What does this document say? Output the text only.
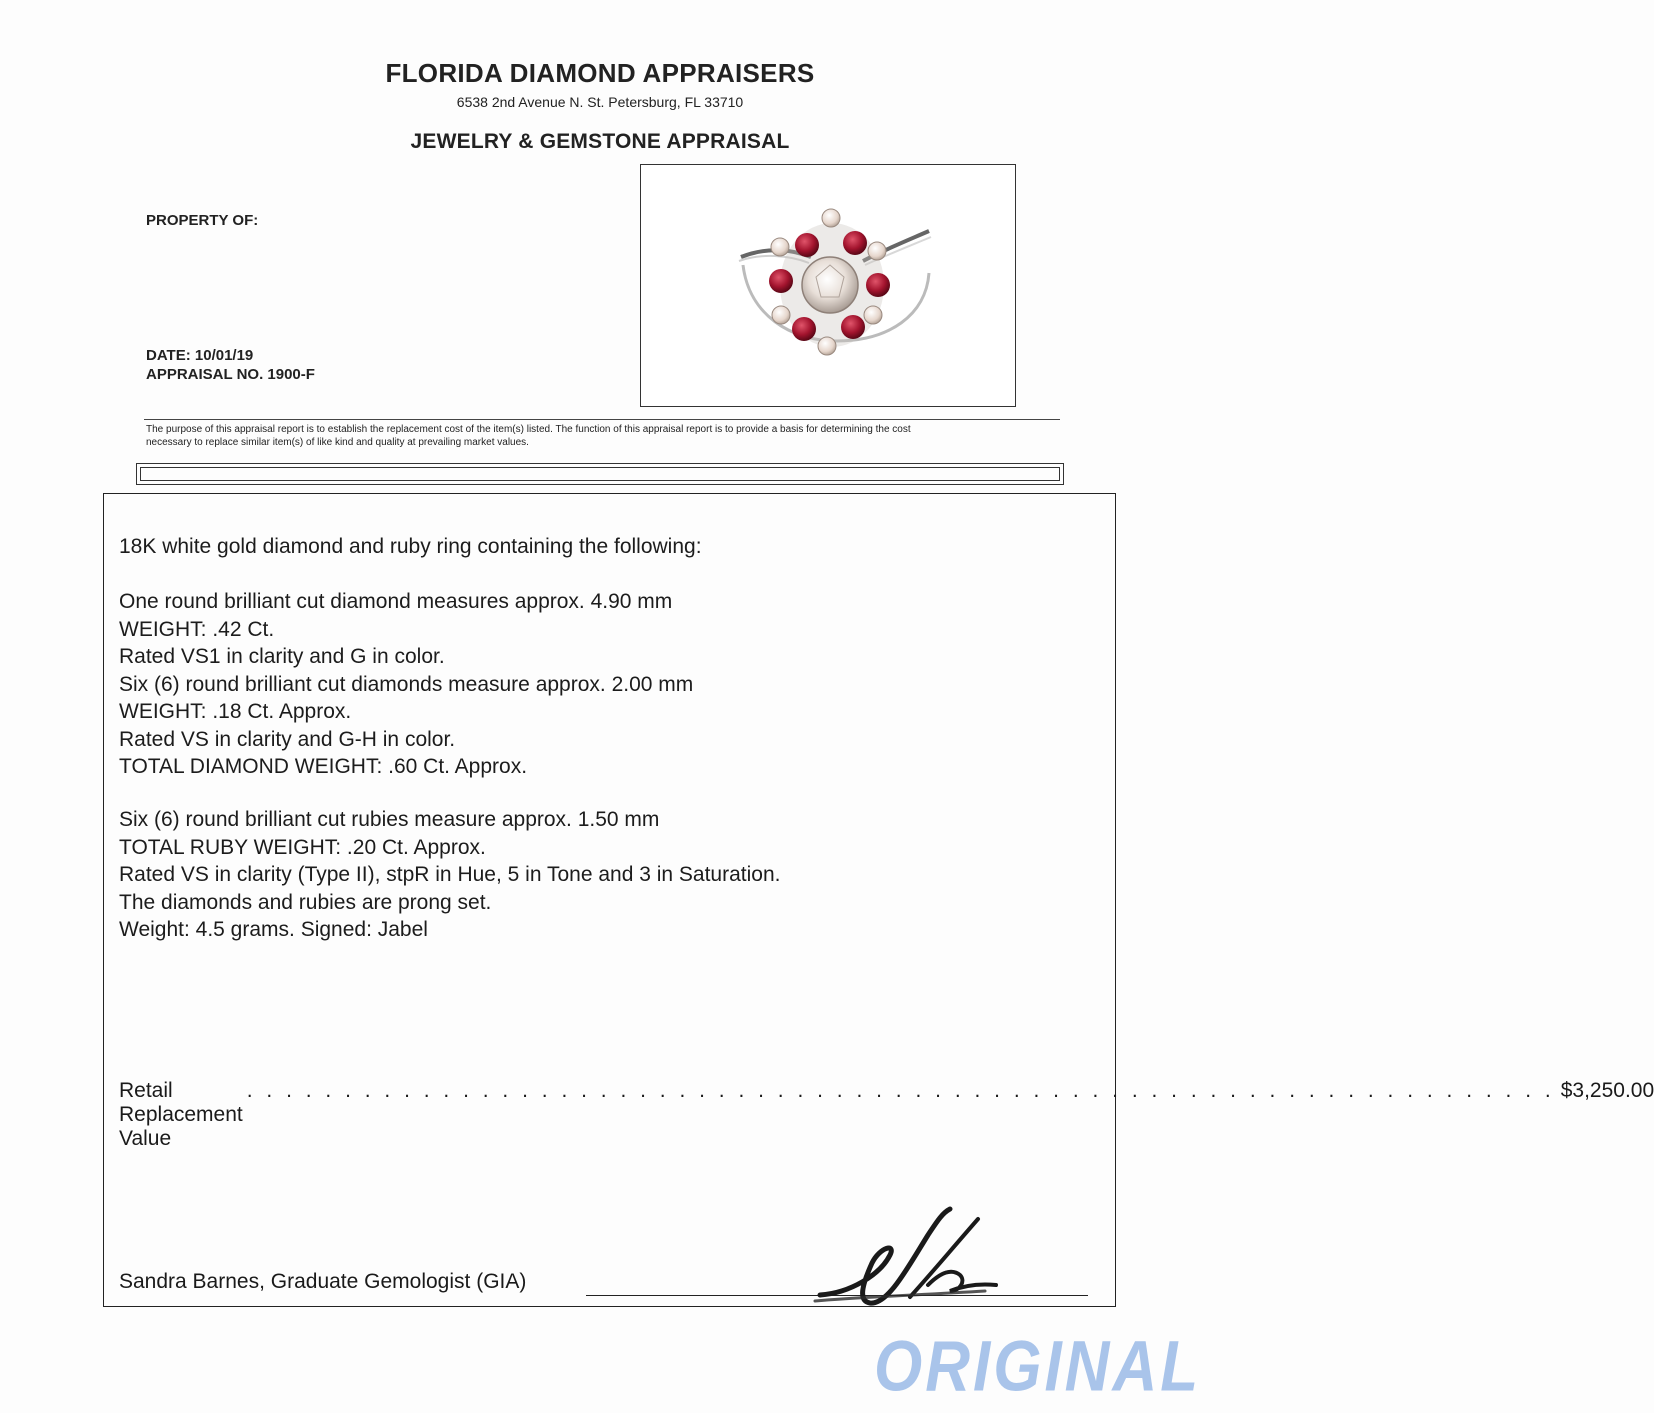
FLORIDA DIAMOND APPRAISERS
6538 2nd Avenue N. St. Petersburg, FL 33710
JEWELRY & GEMSTONE APPRAISAL
PROPERTY OF:
DATE: 10/01/19
APPRAISAL NO. 1900-F
The purpose of this appraisal report is to establish the replacement cost of the item(s) listed. The function of this appraisal report is to provide a basis for determining the cost
necessary to replace similar item(s) of like kind and quality at prevailing market values.
18K white gold diamond and ruby ring containing the following:
One round brilliant cut diamond measures approx. 4.90 mm
WEIGHT: .42 Ct.
Rated VS1 in clarity and G in color.
Six (6) round brilliant cut diamonds measure approx. 2.00 mm
WEIGHT: .18 Ct. Approx.
Rated VS in clarity and G-H in color.
TOTAL DIAMOND WEIGHT: .60 Ct. Approx.
Six (6) round brilliant cut rubies measure approx. 1.50 mm
TOTAL RUBY WEIGHT: .20 Ct. Approx.
Rated VS in clarity (Type II), stpR in Hue, 5 in Tone and 3 in Saturation.
The diamonds and rubies are prong set.
Weight: 4.5 grams. Signed: Jabel
Retail Replacement Value
. . . . . . . . . . . . . . . . . . . . . . . . . . . . . . . . . . . . . . . . . . . . . . . . . . . . . . . . . . . . . . . . . . . $3,250.00
Sandra Barnes, Graduate Gemologist (GIA)
ORIGINAL
